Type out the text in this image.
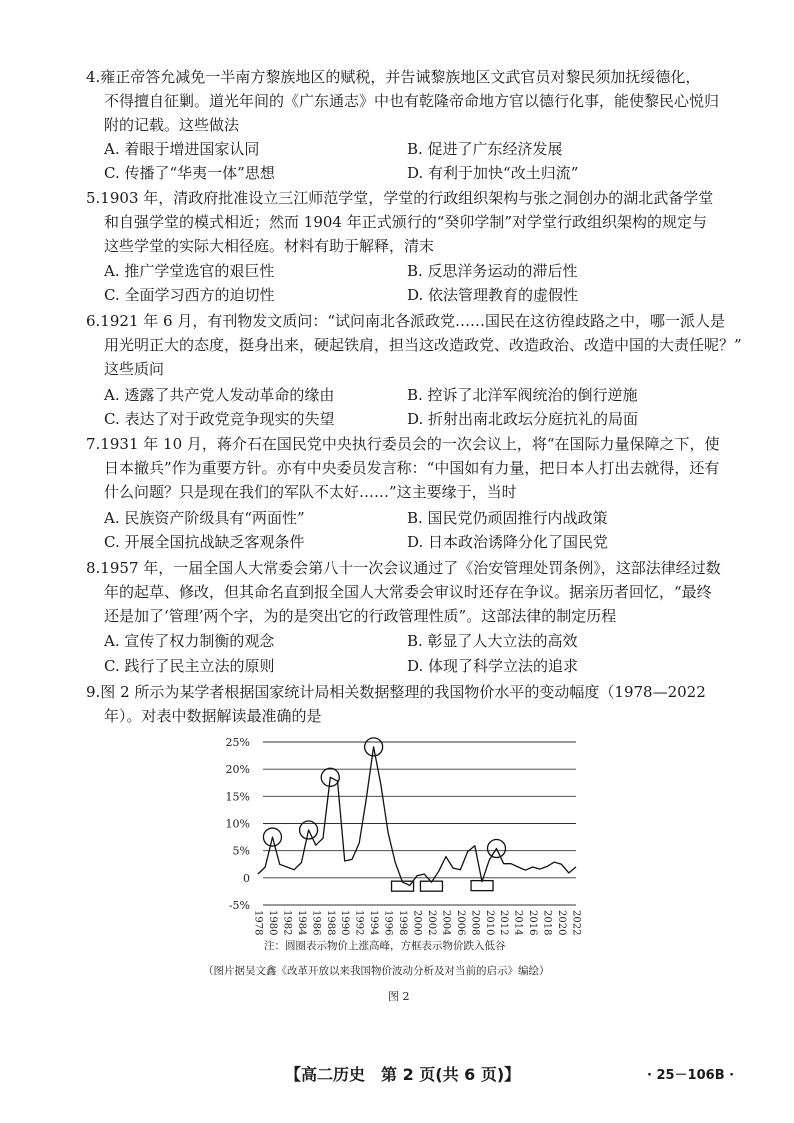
4.雍正帝答允减免一半南方黎族地区的赋税，并告诫黎族地区文武官员对黎民须加抚绥德化，
不得擅自征剿。道光年间的《广东通志》中也有乾隆帝命地方官以德行化事，能使黎民心悦归
附的记载。这些做法
A. 着眼于增进国家认同	B. 促进了广东经济发展
C. 传播了“华夷一体”思想	D. 有利于加快“改土归流”
5.1903 年，清政府批准设立三江师范学堂，学堂的行政组织架构与张之洞创办的湖北武备学堂
和自强学堂的模式相近；然而 1904 年正式颁行的“癸卯学制”对学堂行政组织架构的规定与
这些学堂的实际大相径庭。材料有助于解释，清末
A. 推广学堂选官的艰巨性	B. 反思洋务运动的滞后性
C. 全面学习西方的迫切性	D. 依法管理教育的虚假性
6.1921 年 6 月，有刊物发文质问：“试问南北各派政党……国民在这彷徨歧路之中，哪一派人是
用光明正大的态度，挺身出来，硬起铁肩，担当这改造政党、改造政治、改造中国的大责任呢？”
这些质问
A. 透露了共产党人发动革命的缘由	B. 控诉了北洋军阀统治的倒行逆施
C. 表达了对于政党竞争现实的失望	D. 折射出南北政坛分庭抗礼的局面
7.1931 年 10 月，蒋介石在国民党中央执行委员会的一次会议上，将“在国际力量保障之下，使
日本撤兵”作为重要方针。亦有中央委员发言称：“中国如有力量，把日本人打出去就得，还有
什么问题？只是现在我们的军队不太好……”这主要缘于，当时
A. 民族资产阶级具有“两面性”	B. 国民党仍顽固推行内战政策
C. 开展全国抗战缺乏客观条件	D. 日本政治诱降分化了国民党
8.1957 年，一届全国人大常委会第八十一次会议通过了《治安管理处罚条例》，这部法律经过数
年的起草、修改，但其命名直到报全国人大常委会审议时还存在争议。据亲历者回忆，“最终
还是加了‘管理’两个字，为的是突出它的行政管理性质”。这部法律的制定历程
A. 宣传了权力制衡的观念	B. 彰显了人大立法的高效
C. 践行了民主立法的原则	D. 体现了科学立法的追求
9.图 2 所示为某学者根据国家统计局相关数据整理的我国物价水平的变动幅度（1978—2022
年）。对表中数据解读最准确的是
25%
20%
15%
10%
5%
0
-5%
1978 1980 1982 1984 1986 1988 1990 1992 1994 1996 1998 2000 2002 2004 2006 2008 2010 2012 2014 2016 2018 2020 2022
注：圆圈表示物价上涨高峰，方框表示物价跌入低谷
（图片据吴文鑫《改革开放以来我国物价波动分析及对当前的启示》编绘）
图 2
【高二历史　第 2 页(共 6 页)】	· 25－106B ·
